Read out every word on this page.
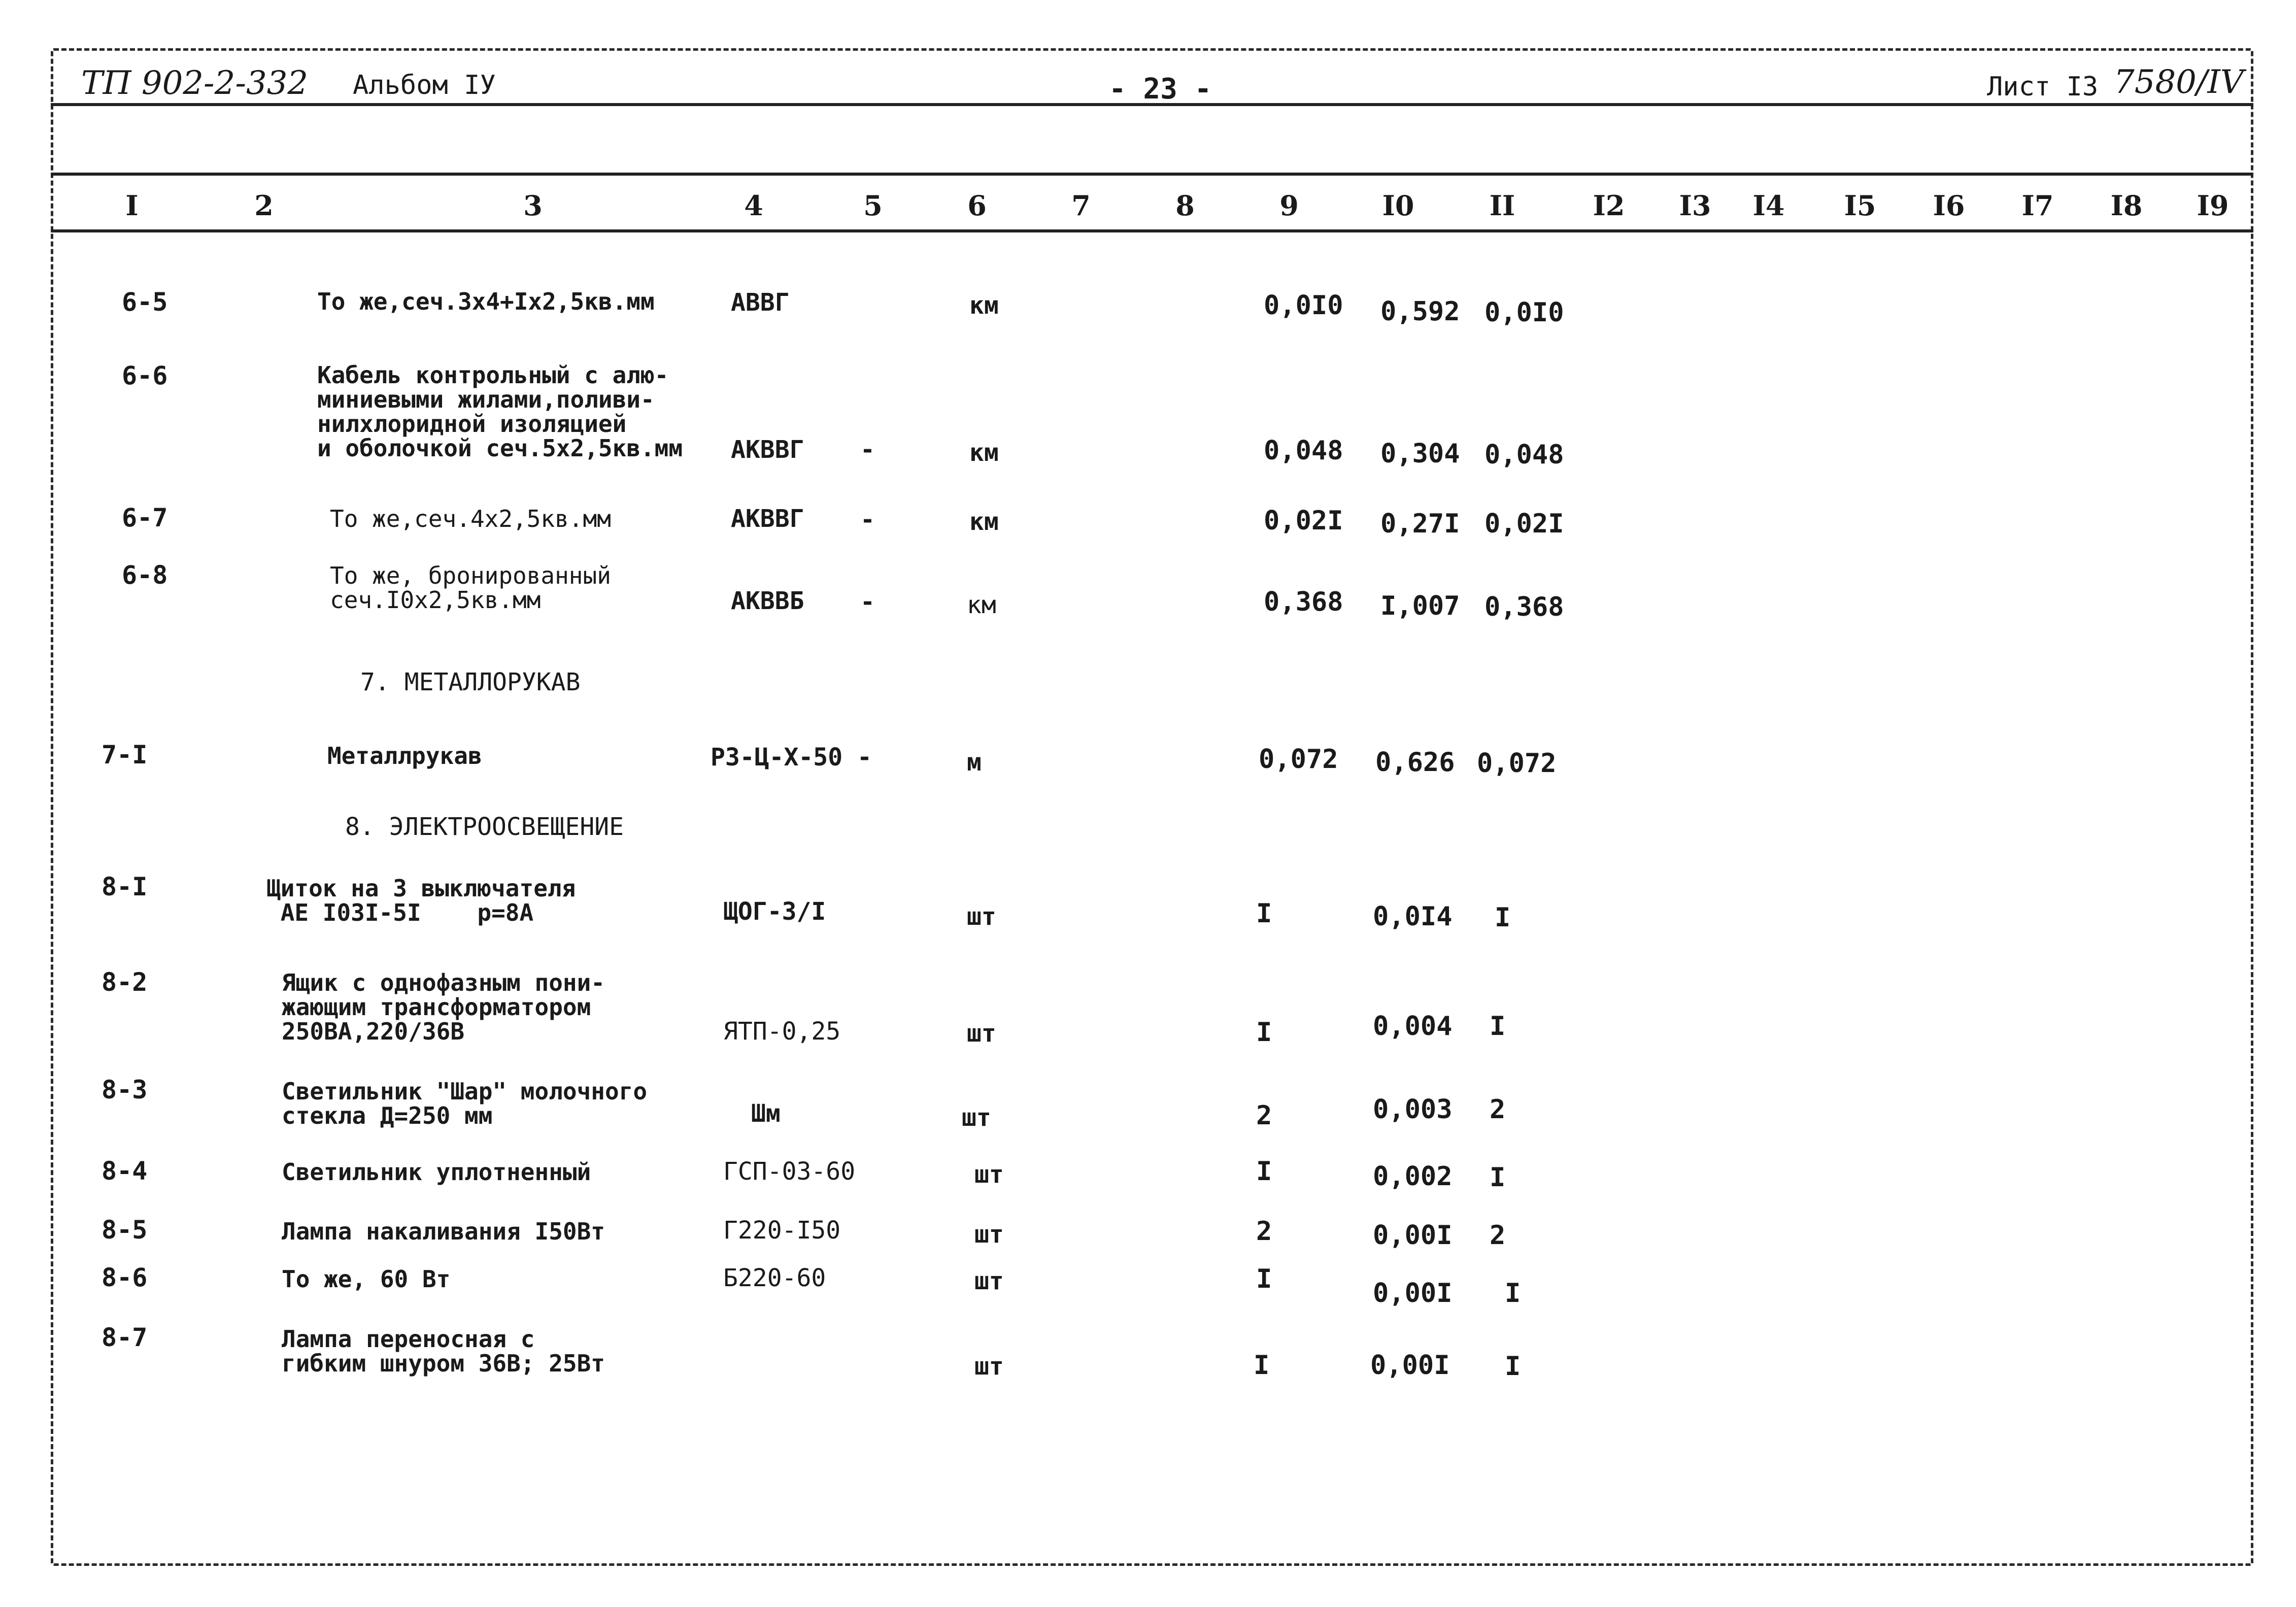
ТП 902-2-332 Альбом IУ	- 23 -	Лист I3 7580/IV
I	2	3	4	5	6	7	8	9	I0	II	I2	I3	I4	I5	I6	I7	I8	I9
7. МЕТАЛЛОРУКАВ
8. ЭЛЕКТРООСВЕЩЕНИЕ
6-5	То же,сеч.3х4+Iх2,5кв.мм	АВВГ	км	0,0I0 0,592 0,0I0
6-6	Кабель контрольный с алю-
миниевыми жилами,поливи-
нилхлоридной изоляцией
и оболочкой сеч.5х2,5кв.мм АКВВГ -	км	0,048 0,304 0,048
6-7	То же,сеч.4х2,5кв.мм	АКВВГ -	км	0,02I 0,27I 0,02I
6-8	То же, бронированный
сеч.I0х2,5кв.мм	АКВВБ -	км	0,368 I,007 0,368
7-I	Металлрукав	РЗ-Ц-Х-50 -	м	0,072 0,626 0,072
8-I	Щиток на 3 выключателя
АЕ I03I-5I    р=8А	ЩОГ-3/I	шт	I	0,0I4 I
8-2	Ящик с однофазным пони-
жающим трансформатором
250ВА,220/36В	ЯТП-0,25	шт	I	0,004 I
8-3	Светильник "Шар" молочного
стекла Д=250 мм	Шм	шт	2	0,003 2
8-4	Светильник уплотненный	ГСП-03-60	шт	I	0,002 I
8-5	Лампа накаливания I50Вт	Г220-I50	шт	2	0,00I 2
8-6	То же, 60 Вт	Б220-60	шт	I	0,00I I
8-7	Лампа переносная с
гибким шнуром 36В; 25Вт	шт	I	0,00I I
